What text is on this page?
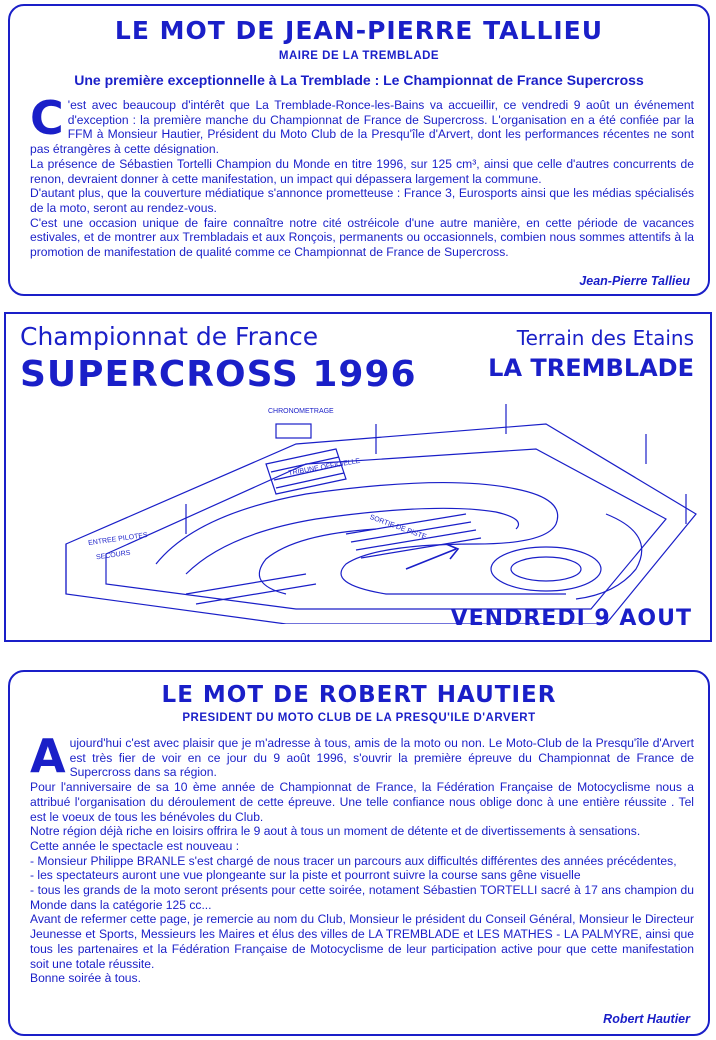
LE MOT DE JEAN-PIERRE TALLIEU
MAIRE DE LA TREMBLADE
Une première exceptionnelle à La Tremblade : Le Championnat de France Supercross
C 'est avec beaucoup d'intérêt que La Tremblade-Ronce-les-Bains va accueillir, ce vendredi 9 août un événement d'exception : la première manche du Championnat de France de Supercross. L'organisation en a été confiée par la FFM à Monsieur Hautier, Président du Moto Club de la Presqu'île d'Arvert, dont les performances récentes ne sont pas étrangères à cette désignation.

La présence de Sébastien Tortelli Champion du Monde en titre 1996, sur 125 cm³, ainsi que celle d'autres concurrents de renon, devraient donner à cette manifestation, un impact qui dépassera largement la commune.

D'autant plus, que la couverture médiatique s'annonce prometteuse : France 3, Eurosports ainsi que les médias spécialisés de la moto, seront au rendez-vous.

C'est une occasion unique de faire connaître notre cité ostréicole d'une autre manière, en cette période de vacances estivales, et de montrer aux Trembladais et aux Ronçois, permanents ou occasionnels, combien nous sommes attentifs à la promotion de manifestation de qualité comme ce Championnat de France de Supercross.

Jean-Pierre Tallieu
Championnat de France
SUPERCROSS 1996
Terrain des Etains
LA TREMBLADE
CHRONOMETRAGE
ENTREE PILOTES
SECOURS
TRIBUNE OFFICIELLE
SORTIE DE PISTE
VENDREDI 9 AOUT
LE MOT DE ROBERT HAUTIER
PRESIDENT DU MOTO CLUB DE LA PRESQU'ILE D'ARVERT
A ujourd'hui c'est avec plaisir que je m'adresse à tous, amis de la moto ou non. Le Moto-Club de la Presqu'île d'Arvert est très fier de voir en ce jour du 9 août 1996, s'ouvrir la première épreuve du Championnat de France de Supercross dans sa région.

Pour l'anniversaire de sa 10 ème année de Championnat de France, la Fédération Française de Motocyclisme nous a attribué l'organisation du déroulement de cette épreuve. Une telle confiance nous oblige donc à une entière réussite . Tel est le voeux de tous les bénévoles du Club.

Notre région déjà riche en loisirs offrira le 9 aout à tous un moment de détente et de divertissements à sensations.

Cette année le spectacle est nouveau :

- Monsieur Philippe BRANLE s'est chargé de nous tracer un parcours aux difficultés différentes des années précédentes,

- les spectateurs auront une vue plongeante sur la piste et pourront suivre la course sans gêne visuelle

- tous les grands de la moto seront présents pour cette soirée, notament Sébastien TORTELLI sacré à 17 ans champion du Monde dans la catégorie 125 cc...

Avant de refermer cette page, je remercie au nom du Club, Monsieur le président du Conseil Général, Monsieur le Directeur Jeunesse et Sports, Messieurs les Maires et élus des villes de LA TREMBLADE et LES MATHES - LA PALMYRE, ainsi que tous les partenaires et la Fédération Française de Motocyclisme de leur participation active pour que cette manifestation soit une totale réussite.

Bonne soirée à tous.

Robert Hautier
